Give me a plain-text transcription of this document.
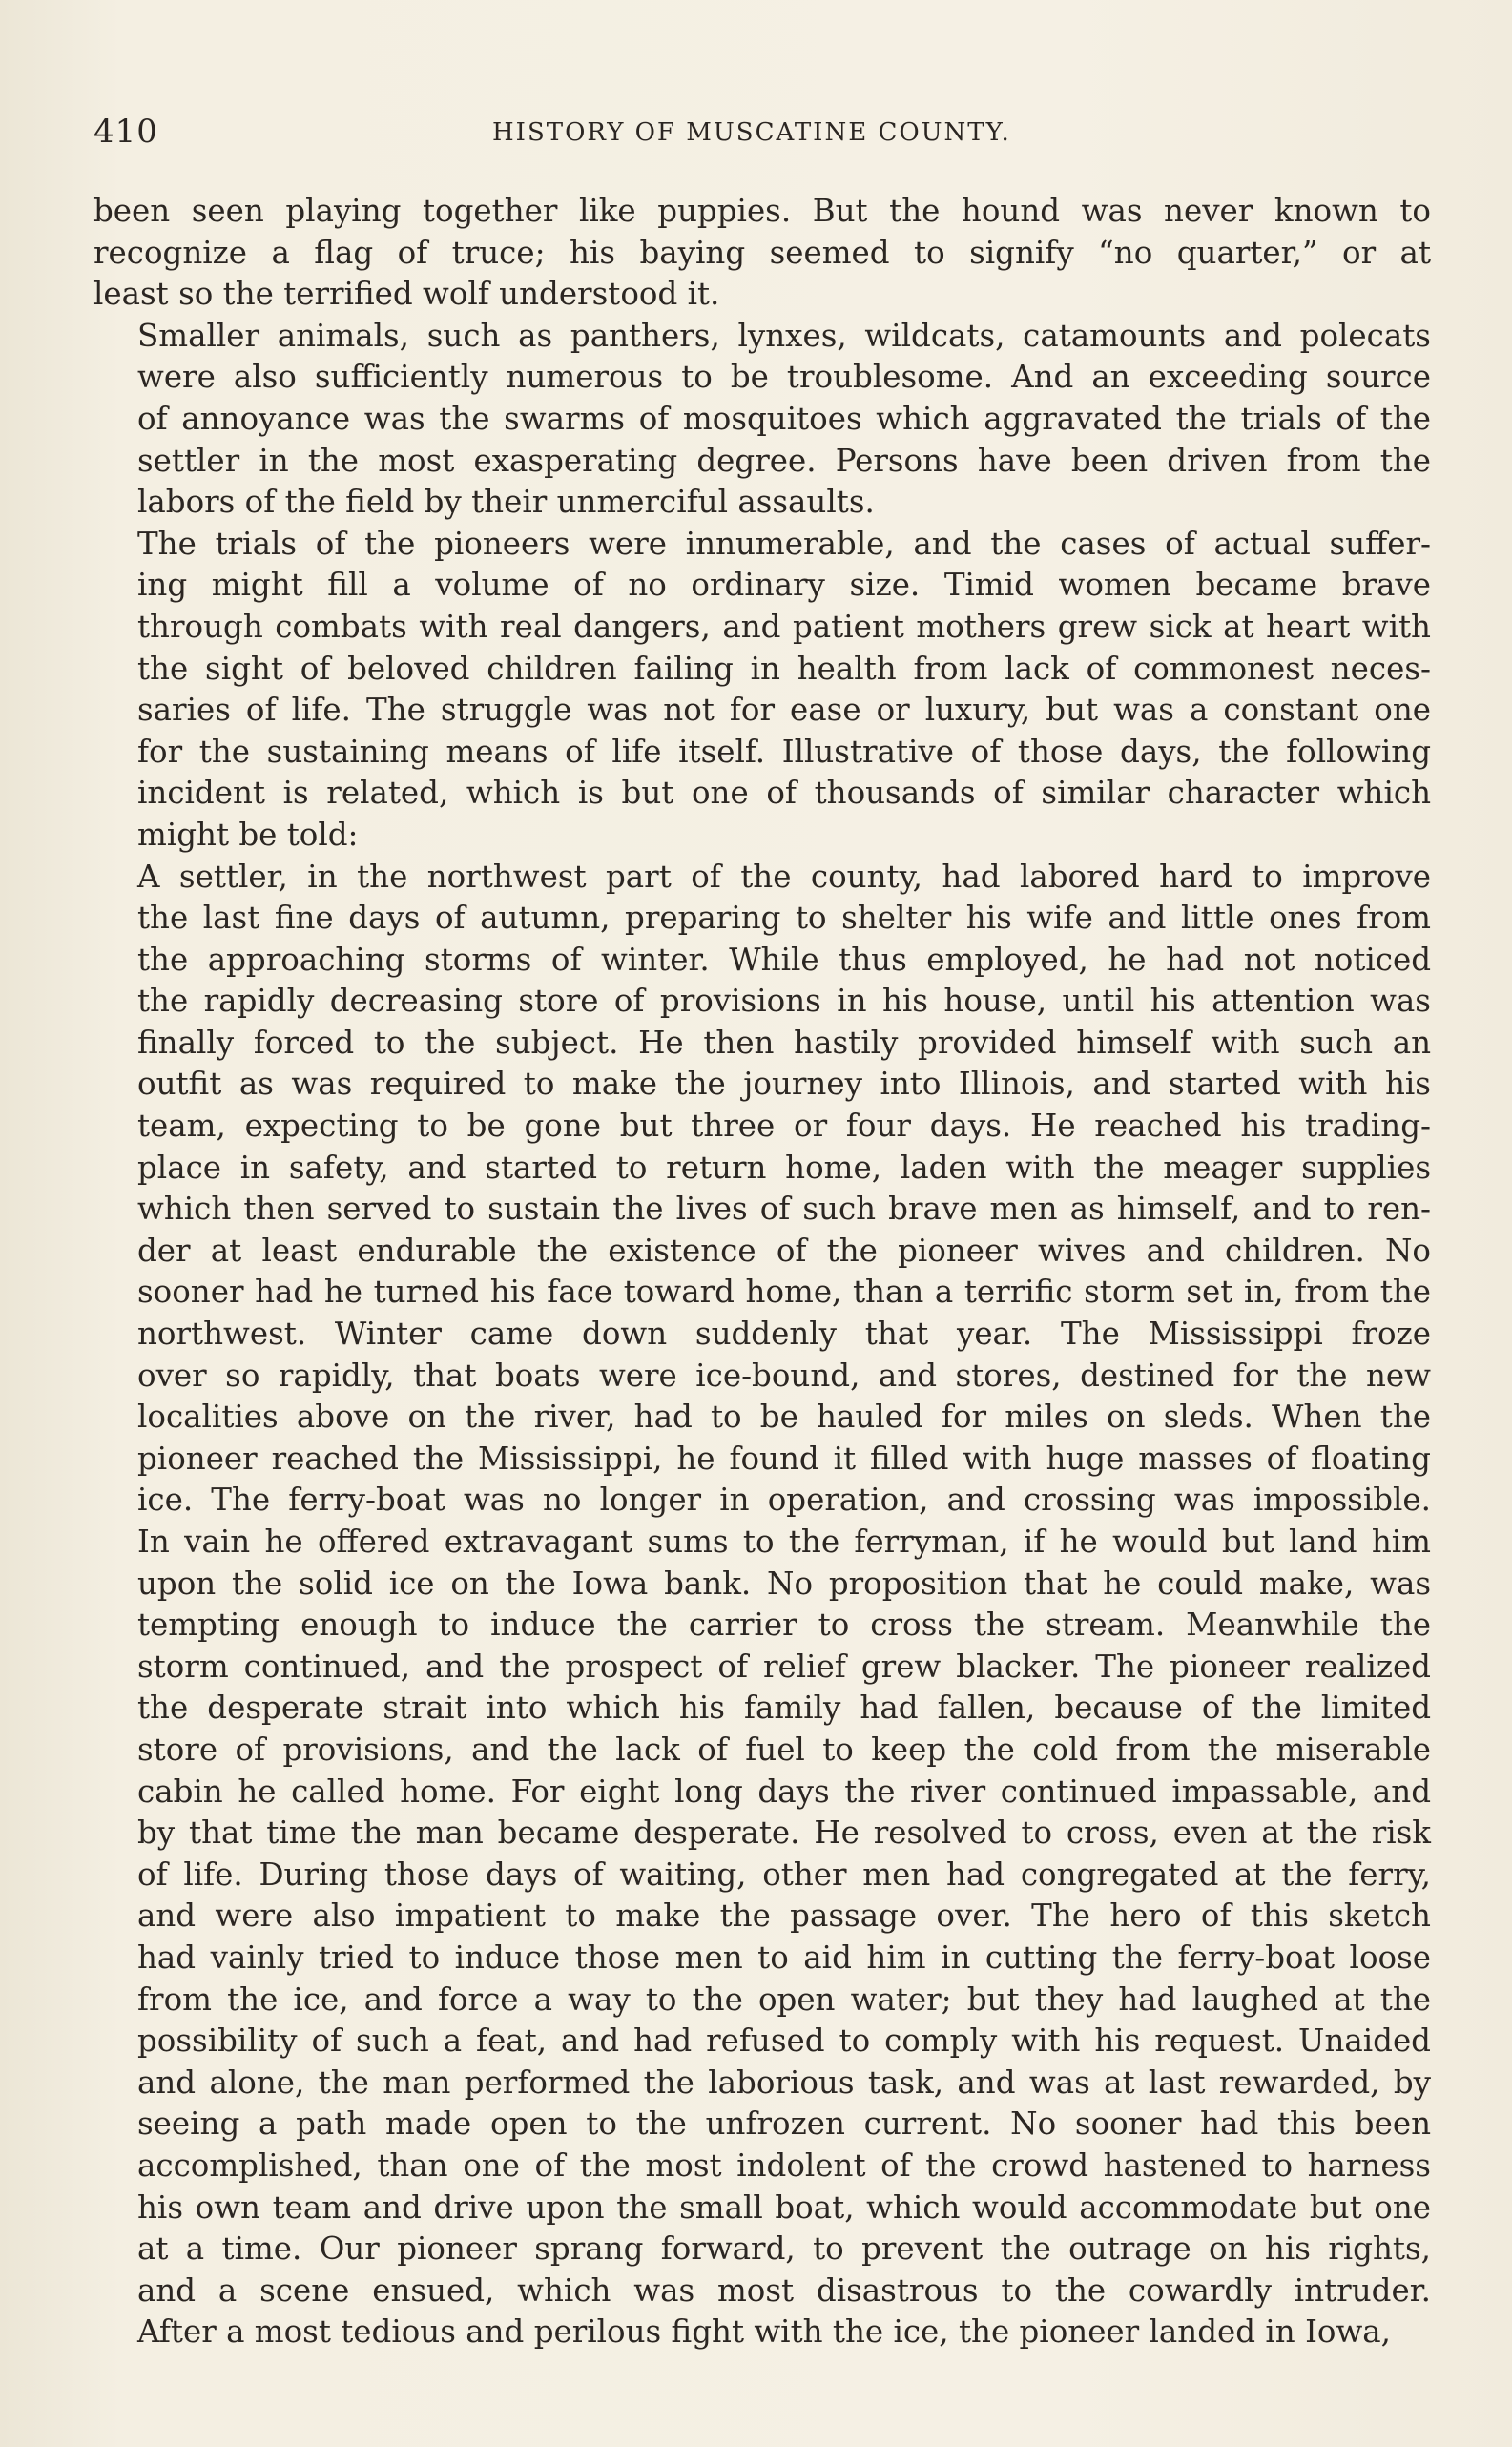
410	HISTORY OF MUSCATINE COUNTY.

been seen playing together like puppies. But the hound was never known to
recognize a flag of truce; his baying seemed to signify “no quarter,” or at
least so the terrified wolf understood it.

Smaller animals, such as panthers, lynxes, wildcats, catamounts and polecats
were also sufficiently numerous to be troublesome. And an exceeding source
of annoyance was the swarms of mosquitoes which aggravated the trials of the
settler in the most exasperating degree. Persons have been driven from the
labors of the field by their unmerciful assaults.

The trials of the pioneers were innumerable, and the cases of actual suffer-
ing might fill a volume of no ordinary size. Timid women became brave
through combats with real dangers, and patient mothers grew sick at heart with
the sight of beloved children failing in health from lack of commonest neces-
saries of life. The struggle was not for ease or luxury, but was a constant one
for the sustaining means of life itself. Illustrative of those days, the following
incident is related, which is but one of thousands of similar character which
might be told:

A settler, in the northwest part of the county, had labored hard to improve
the last fine days of autumn, preparing to shelter his wife and little ones from
the approaching storms of winter. While thus employed, he had not noticed
the rapidly decreasing store of provisions in his house, until his attention was
finally forced to the subject. He then hastily provided himself with such an
outfit as was required to make the journey into Illinois, and started with his
team, expecting to be gone but three or four days. He reached his trading-
place in safety, and started to return home, laden with the meager supplies
which then served to sustain the lives of such brave men as himself, and to ren-
der at least endurable the existence of the pioneer wives and children. No
sooner had he turned his face toward home, than a terrific storm set in, from the
northwest. Winter came down suddenly that year. The Mississippi froze
over so rapidly, that boats were ice-bound, and stores, destined for the new
localities above on the river, had to be hauled for miles on sleds. When the
pioneer reached the Mississippi, he found it filled with huge masses of floating
ice. The ferry-boat was no longer in operation, and crossing was impossible.
In vain he offered extravagant sums to the ferryman, if he would but land him
upon the solid ice on the Iowa bank. No proposition that he could make, was
tempting enough to induce the carrier to cross the stream. Meanwhile the
storm continued, and the prospect of relief grew blacker. The pioneer realized
the desperate strait into which his family had fallen, because of the limited
store of provisions, and the lack of fuel to keep the cold from the miserable
cabin he called home. For eight long days the river continued impassable, and
by that time the man became desperate. He resolved to cross, even at the risk
of life. During those days of waiting, other men had congregated at the ferry,
and were also impatient to make the passage over. The hero of this sketch
had vainly tried to induce those men to aid him in cutting the ferry-boat loose
from the ice, and force a way to the open water; but they had laughed at the
possibility of such a feat, and had refused to comply with his request. Unaided
and alone, the man performed the laborious task, and was at last rewarded, by
seeing a path made open to the unfrozen current. No sooner had this been
accomplished, than one of the most indolent of the crowd hastened to harness
his own team and drive upon the small boat, which would accommodate but one
at a time. Our pioneer sprang forward, to prevent the outrage on his rights,
and a scene ensued, which was most disastrous to the cowardly intruder.
After a most tedious and perilous fight with the ice, the pioneer landed in Iowa,
